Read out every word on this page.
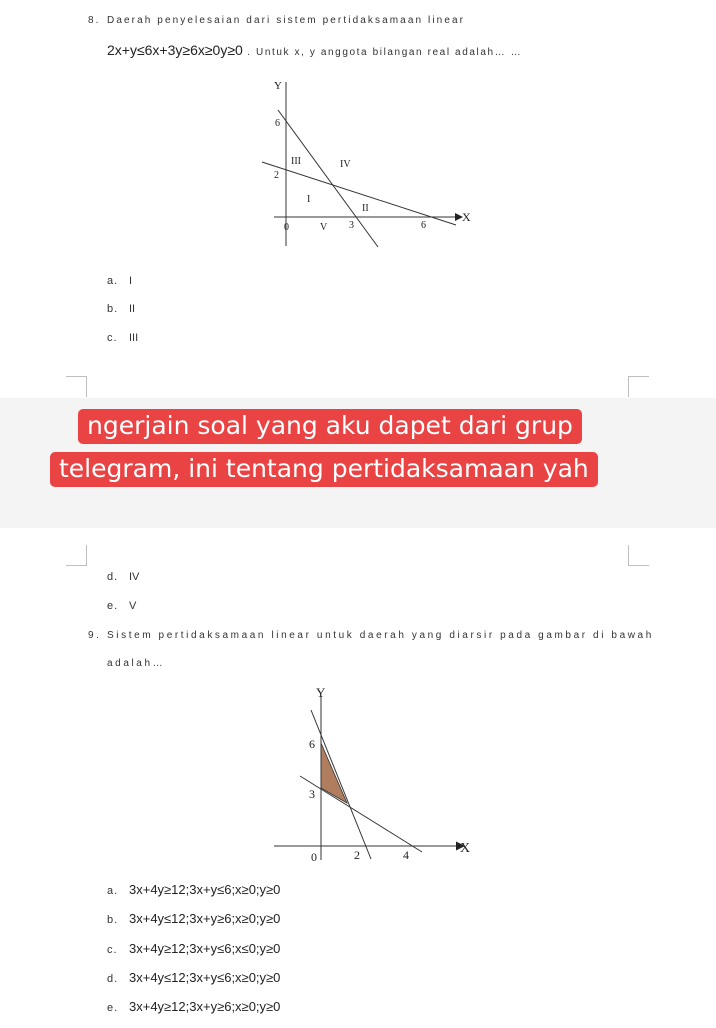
8. Daerah penyelesaian dari sistem pertidaksamaan linear
2x+y≤6x+3y≥6x≥0y≥0 . Untuk x, y anggota bilangan real adalah… …
Y
X
6
2
0	3	6
I
II
III	IV
V
a. I
b. II
c. III
ngerjain soal yang aku dapet dari grup
telegram, ini tentang pertidaksamaan yah
d. IV
e. V
9. Sistem pertidaksamaan linear untuk daerah yang diarsir pada gambar di bawah
adalah…
Y
X
6
3
0	2	4
a. 3x+4y≥12;3x+y≤6;x≥0;y≥0
b. 3x+4y≤12;3x+y≥6;x≥0;y≥0
c. 3x+4y≥12;3x+y≤6;x≤0;y≥0
d. 3x+4y≤12;3x+y≤6;x≥0;y≥0
e. 3x+4y≥12;3x+y≥6;x≥0;y≥0
